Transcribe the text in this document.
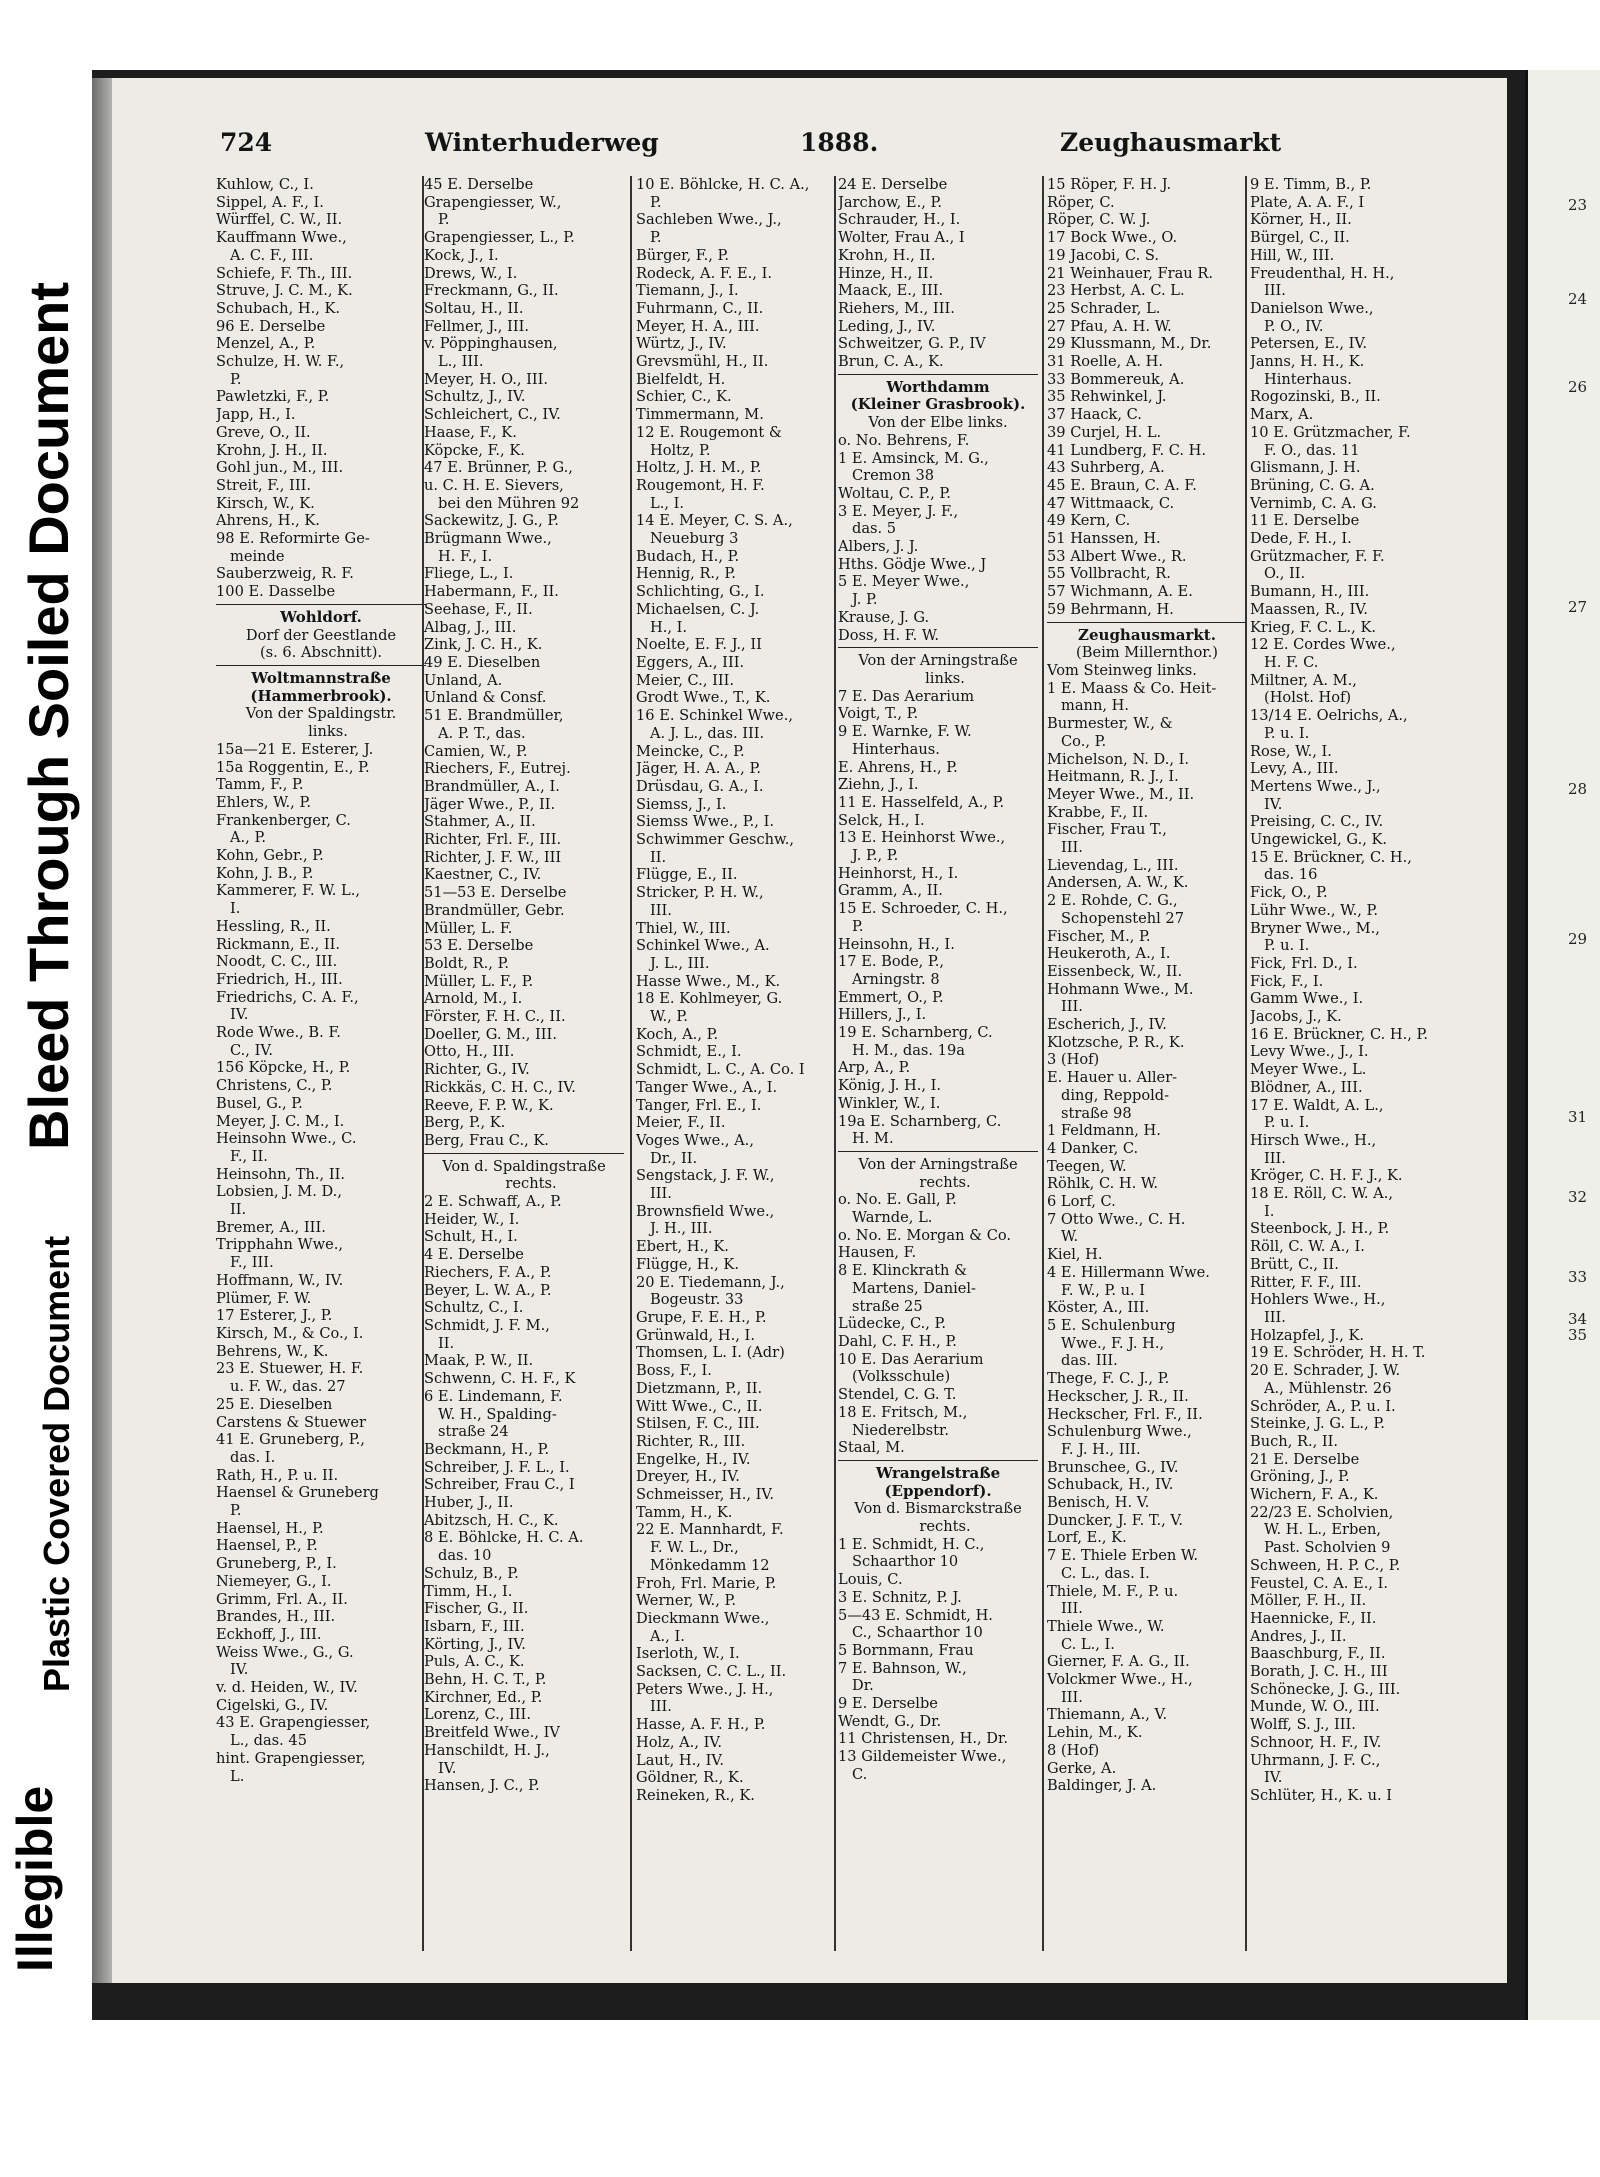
Illegible
Plastic Covered Document
Bleed Through Soiled Document
23
24
26
27
28
29
31
32
33
34
35
724	Winterhuderweg	1888.	Zeughausmarkt
Kuhlow, C., I.
Sippel, A. F., I.
Würffel, C. W., II.
Kauffmann Wwe.,
A. C. F., III.
Schiefe, F. Th., III.
Struve, J. C. M., K.
Schubach, H., K.
96 E. Derselbe
Menzel, A., P.
Schulze, H. W. F.,
P.
Pawletzki, F., P.
Japp, H., I.
Greve, O., II.
Krohn, J. H., II.
Gohl jun., M., III.
Streit, F., III.
Kirsch, W., K.
Ahrens, H., K.
98 E. Reformirte Ge-
meinde
Sauberzweig, R. F.
100 E. Dasselbe
Wohldorf.
Dorf der Geestlande
(s. 6. Abschnitt).
Woltmannstraße
(Hammerbrook).
Von der Spaldingstr.
links.
15a—21 E. Esterer, J.
15a Roggentin, E., P.
Tamm, F., P.
Ehlers, W., P.
Frankenberger, C.
A., P.
Kohn, Gebr., P.
Kohn, J. B., P.
Kammerer, F. W. L.,
I.
Hessling, R., II.
Rickmann, E., II.
Noodt, C. C., III.
Friedrich, H., III.
Friedrichs, C. A. F.,
IV.
Rode Wwe., B. F.
C., IV.
156 Köpcke, H., P.
Christens, C., P.
Busel, G., P.
Meyer, J. C. M., I.
Heinsohn Wwe., C.
F., II.
Heinsohn, Th., II.
Lobsien, J. M. D.,
II.
Bremer, A., III.
Tripphahn Wwe.,
F., III.
Hoffmann, W., IV.
Plümer, F. W.
17 Esterer, J., P.
Kirsch, M., & Co., I.
Behrens, W., K.
23 E. Stuewer, H. F.
u. F. W., das. 27
25 E. Dieselben
Carstens & Stuewer
41 E. Gruneberg, P.,
das. I.
Rath, H., P. u. II.
Haensel & Gruneberg
P.
Haensel, H., P.
Haensel, P., P.
Gruneberg, P., I.
Niemeyer, G., I.
Grimm, Frl. A., II.
Brandes, H., III.
Eckhoff, J., III.
Weiss Wwe., G., G.
IV.
v. d. Heiden, W., IV.
Cigelski, G., IV.
43 E. Grapengiesser,
L., das. 45
hint. Grapengiesser,
L.
45 E. Derselbe
Grapengiesser, W.,
P.
Grapengiesser, L., P.
Kock, J., I.
Drews, W., I.
Freckmann, G., II.
Soltau, H., II.
Fellmer, J., III.
v. Pöppinghausen,
L., III.
Meyer, H. O., III.
Schultz, J., IV.
Schleichert, C., IV.
Haase, F., K.
Köpcke, F., K.
47 E. Brünner, P. G.,
u. C. H. E. Sievers,
bei den Mühren 92
Sackewitz, J. G., P.
Brügmann Wwe.,
H. F., I.
Fliege, L., I.
Habermann, F., II.
Seehase, F., II.
Albag, J., III.
Zink, J. C. H., K.
49 E. Dieselben
Unland, A.
Unland & Consf.
51 E. Brandmüller,
A. P. T., das.
Camien, W., P.
Riechers, F., Eutrej.
Brandmüller, A., I.
Jäger Wwe., P., II.
Stahmer, A., II.
Richter, Frl. F., III.
Richter, J. F. W., III
Kaestner, C., IV.
51—53 E. Derselbe
Brandmüller, Gebr.
Müller, L. F.
53 E. Derselbe
Boldt, R., P.
Müller, L. F., P.
Arnold, M., I.
Förster, F. H. C., II.
Doeller, G. M., III.
Otto, H., III.
Richter, G., IV.
Rickkäs, C. H. C., IV.
Reeve, F. P. W., K.
Berg, P., K.
Berg, Frau C., K.
Von d. Spaldingstraße
rechts.
2 E. Schwaff, A., P.
Heider, W., I.
Schult, H., I.
4 E. Derselbe
Riechers, F. A., P.
Beyer, L. W. A., P.
Schultz, C., I.
Schmidt, J. F. M.,
II.
Maak, P. W., II.
Schwenn, C. H. F., K
6 E. Lindemann, F.
W. H., Spalding-
straße 24
Beckmann, H., P.
Schreiber, J. F. L., I.
Schreiber, Frau C., I
Huber, J., II.
Abitzsch, H. C., K.
8 E. Böhlcke, H. C. A.
das. 10
Schulz, B., P.
Timm, H., I.
Fischer, G., II.
Isbarn, F., III.
Körting, J., IV.
Puls, A. C., K.
Behn, H. C. T., P.
Kirchner, Ed., P.
Lorenz, C., III.
Breitfeld Wwe., IV
Hanschildt, H. J.,
IV.
Hansen, J. C., P.
10 E. Böhlcke, H. C. A.,
P.
Sachleben Wwe., J.,
P.
Bürger, F., P.
Rodeck, A. F. E., I.
Tiemann, J., I.
Fuhrmann, C., II.
Meyer, H. A., III.
Würtz, J., IV.
Grevsmühl, H., II.
Bielfeldt, H.
Schier, C., K.
Timmermann, M.
12 E. Rougemont &
Holtz, P.
Holtz, J. H. M., P.
Rougemont, H. F.
L., I.
14 E. Meyer, C. S. A.,
Neueburg 3
Budach, H., P.
Hennig, R., P.
Schlichting, G., I.
Michaelsen, C. J.
H., I.
Noelte, E. F. J., II
Eggers, A., III.
Meier, C., III.
Grodt Wwe., T., K.
16 E. Schinkel Wwe.,
A. J. L., das. III.
Meincke, C., P.
Jäger, H. A. A., P.
Drüsdau, G. A., I.
Siemss, J., I.
Siemss Wwe., P., I.
Schwimmer Geschw.,
II.
Flügge, E., II.
Stricker, P. H. W.,
III.
Thiel, W., III.
Schinkel Wwe., A.
J. L., III.
Hasse Wwe., M., K.
18 E. Kohlmeyer, G.
W., P.
Koch, A., P.
Schmidt, E., I.
Schmidt, L. C., A. Co. I
Tanger Wwe., A., I.
Tanger, Frl. E., I.
Meier, F., II.
Voges Wwe., A.,
Dr., II.
Sengstack, J. F. W.,
III.
Brownsfield Wwe.,
J. H., III.
Ebert, H., K.
Flügge, H., K.
20 E. Tiedemann, J.,
Bogeustr. 33
Grupe, F. E. H., P.
Grünwald, H., I.
Thomsen, L. I. (Adr)
Boss, F., I.
Dietzmann, P., II.
Witt Wwe., C., II.
Stilsen, F. C., III.
Richter, R., III.
Engelke, H., IV.
Dreyer, H., IV.
Schmeisser, H., IV.
Tamm, H., K.
22 E. Mannhardt, F.
F. W. L., Dr.,
Mönkedamm 12
Froh, Frl. Marie, P.
Werner, W., P.
Dieckmann Wwe.,
A., I.
Iserloth, W., I.
Sacksen, C. C. L., II.
Peters Wwe., J. H.,
III.
Hasse, A. F. H., P.
Holz, A., IV.
Laut, H., IV.
Göldner, R., K.
Reineken, R., K.
24 E. Derselbe
Jarchow, E., P.
Schrauder, H., I.
Wolter, Frau A., I
Krohn, H., II.
Hinze, H., II.
Maack, E., III.
Riehers, M., III.
Leding, J., IV.
Schweitzer, G. P., IV
Brun, C. A., K.
Worthdamm
(Kleiner Grasbrook).
Von der Elbe links.
o. No. Behrens, F.
1 E. Amsinck, M. G.,
Cremon 38
Woltau, C. P., P.
3 E. Meyer, J. F.,
das. 5
Albers, J. J.
Hths. Gödje Wwe., J
5 E. Meyer Wwe.,
J. P.
Krause, J. G.
Doss, H. F. W.
Von der Arningstraße
links.
7 E. Das Aerarium
Voigt, T., P.
9 E. Warnke, F. W.
Hinterhaus.
E. Ahrens, H., P.
Ziehn, J., I.
11 E. Hasselfeld, A., P.
Selck, H., I.
13 E. Heinhorst Wwe.,
J. P., P.
Heinhorst, H., I.
Gramm, A., II.
15 E. Schroeder, C. H.,
P.
Heinsohn, H., I.
17 E. Bode, P.,
Arningstr. 8
Emmert, O., P.
Hillers, J., I.
19 E. Scharnberg, C.
H. M., das. 19a
Arp, A., P.
König, J. H., I.
Winkler, W., I.
19a E. Scharnberg, C.
H. M.
Von der Arningstraße
rechts.
o. No. E. Gall, P.
Warnde, L.
o. No. E. Morgan & Co.
Hausen, F.
8 E. Klinckrath &
Martens, Daniel-
straße 25
Lüdecke, C., P.
Dahl, C. F. H., P.
10 E. Das Aerarium
(Volksschule)
Stendel, C. G. T.
18 E. Fritsch, M.,
Niederelbstr.
Staal, M.
Wrangelstraße
(Eppendorf).
Von d. Bismarckstraße
rechts.
1 E. Schmidt, H. C.,
Schaarthor 10
Louis, C.
3 E. Schnitz, P. J.
5—43 E. Schmidt, H.
C., Schaarthor 10
5 Bornmann, Frau
7 E. Bahnson, W.,
Dr.
9 E. Derselbe
Wendt, G., Dr.
11 Christensen, H., Dr.
13 Gildemeister Wwe.,
C.
15 Röper, F. H. J.
Röper, C.
Röper, C. W. J.
17 Bock Wwe., O.
19 Jacobi, C. S.
21 Weinhauer, Frau R.
23 Herbst, A. C. L.
25 Schrader, L.
27 Pfau, A. H. W.
29 Klussmann, M., Dr.
31 Roelle, A. H.
33 Bommereuk, A.
35 Rehwinkel, J.
37 Haack, C.
39 Curjel, H. L.
41 Lundberg, F. C. H.
43 Suhrberg, A.
45 E. Braun, C. A. F.
47 Wittmaack, C.
49 Kern, C.
51 Hanssen, H.
53 Albert Wwe., R.
55 Vollbracht, R.
57 Wichmann, A. E.
59 Behrmann, H.
Zeughausmarkt.
(Beim Millernthor.)
Vom Steinweg links.
1 E. Maass & Co. Heit-
mann, H.
Burmester, W., &
Co., P.
Michelson, N. D., I.
Heitmann, R. J., I.
Meyer Wwe., M., II.
Krabbe, F., II.
Fischer, Frau T.,
III.
Lievendag, L., III.
Andersen, A. W., K.
2 E. Rohde, C. G.,
Schopenstehl 27
Fischer, M., P.
Heukeroth, A., I.
Eissenbeck, W., II.
Hohmann Wwe., M.
III.
Escherich, J., IV.
Klotzsche, P. R., K.
3 (Hof)
E. Hauer u. Aller-
ding, Reppold-
straße 98
1 Feldmann, H.
4 Danker, C.
Teegen, W.
Röhlk, C. H. W.
6 Lorf, C.
7 Otto Wwe., C. H.
W.
Kiel, H.
4 E. Hillermann Wwe.
F. W., P. u. I
Köster, A., III.
5 E. Schulenburg
Wwe., F. J. H.,
das. III.
Thege, F. C. J., P.
Heckscher, J. R., II.
Heckscher, Frl. F., II.
Schulenburg Wwe.,
F. J. H., III.
Brunschee, G., IV.
Schuback, H., IV.
Benisch, H. V.
Duncker, J. F. T., V.
Lorf, E., K.
7 E. Thiele Erben W.
C. L., das. I.
Thiele, M. F., P. u.
III.
Thiele Wwe., W.
C. L., I.
Gierner, F. A. G., II.
Volckmer Wwe., H.,
III.
Thiemann, A., V.
Lehin, M., K.
8 (Hof)
Gerke, A.
Baldinger, J. A.
9 E. Timm, B., P.
Plate, A. A. F., I
Körner, H., II.
Bürgel, C., II.
Hill, W., III.
Freudenthal, H. H.,
III.
Danielson Wwe.,
P. O., IV.
Petersen, E., IV.
Janns, H. H., K.
Hinterhaus.
Rogozinski, B., II.
Marx, A.
10 E. Grützmacher, F.
F. O., das. 11
Glismann, J. H.
Brüning, C. G. A.
Vernimb, C. A. G.
11 E. Derselbe
Dede, F. H., I.
Grützmacher, F. F.
O., II.
Bumann, H., III.
Maassen, R., IV.
Krieg, F. C. L., K.
12 E. Cordes Wwe.,
H. F. C.
Miltner, A. M.,
(Holst. Hof)
13/14 E. Oelrichs, A.,
P. u. I.
Rose, W., I.
Levy, A., III.
Mertens Wwe., J.,
IV.
Preising, C. C., IV.
Ungewickel, G., K.
15 E. Brückner, C. H.,
das. 16
Fick, O., P.
Lühr Wwe., W., P.
Bryner Wwe., M.,
P. u. I.
Fick, Frl. D., I.
Fick, F., I.
Gamm Wwe., I.
Jacobs, J., K.
16 E. Brückner, C. H., P.
Levy Wwe., J., I.
Meyer Wwe., L.
Blödner, A., III.
17 E. Waldt, A. L.,
P. u. I.
Hirsch Wwe., H.,
III.
Kröger, C. H. F. J., K.
18 E. Röll, C. W. A.,
I.
Steenbock, J. H., P.
Röll, C. W. A., I.
Brütt, C., II.
Ritter, F. F., III.
Hohlers Wwe., H.,
III.
Holzapfel, J., K.
19 E. Schröder, H. H. T.
20 E. Schrader, J. W.
A., Mühlenstr. 26
Schröder, A., P. u. I.
Steinke, J. G. L., P.
Buch, R., II.
21 E. Derselbe
Gröning, J., P.
Wichern, F. A., K.
22/23 E. Scholvien,
W. H. L., Erben,
Past. Scholvien 9
Schween, H. P. C., P.
Feustel, C. A. E., I.
Möller, F. H., II.
Haennicke, F., II.
Andres, J., II.
Baaschburg, F., II.
Borath, J. C. H., III
Schönecke, J. G., III.
Munde, W. O., III.
Wolff, S. J., III.
Schnoor, H. F., IV.
Uhrmann, J. F. C.,
IV.
Schlüter, H., K. u. I
